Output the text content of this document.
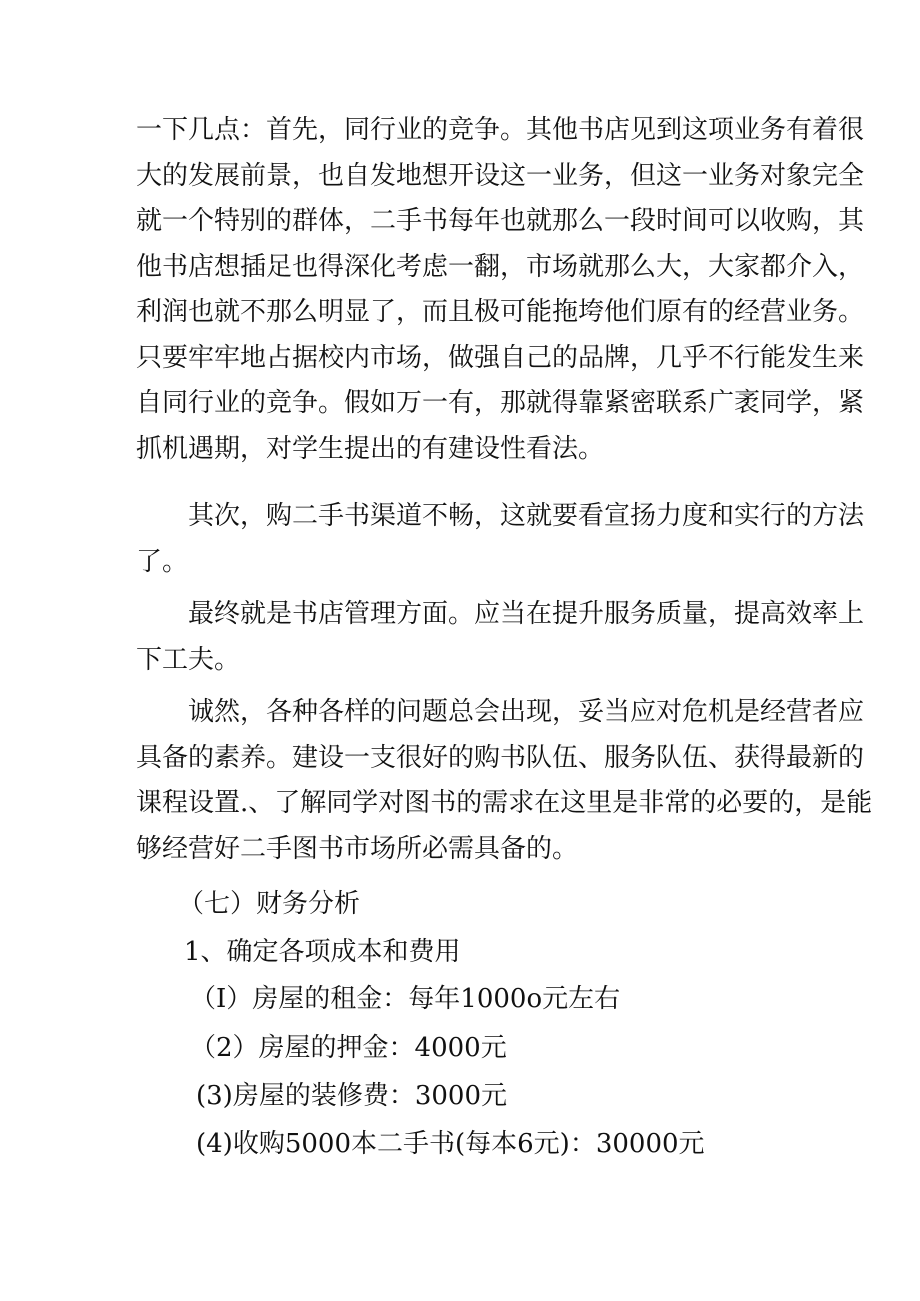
一下几点：首先，同行业的竞争。其他书店见到这项业务有着很
大的发展前景，也自发地想开设这一业务，但这一业务对象完全
就一个特别的群体，二手书每年也就那么一段时间可以收购，其
他书店想插足也得深化考虑一翻，市场就那么大，大家都介入，
利润也就不那么明显了，而且极可能拖垮他们原有的经营业务。
只要牢牢地占据校内市场，做强自己的品牌，几乎不行能发生来
自同行业的竞争。假如万一有，那就得靠紧密联系广袤同学，紧
抓机遇期，对学生提出的有建设性看法。
　　其次，购二手书渠道不畅，这就要看宣扬力度和实行的方法
了。
　　最终就是书店管理方面。应当在提升服务质量，提高效率上
下工夫。
　　诚然，各种各样的问题总会出现，妥当应对危机是经营者应
具备的素养。建设一支很好的购书队伍、服务队伍、获得最新的
课程设置.、了解同学对图书的需求在这里是非常的必要的，是能
够经营好二手图书市场所必需具备的。
（七）财务分析
1、确定各项成本和费用
（I）房屋的租金：每年1000o元左右
（2）房屋的押金：4000元
(3)房屋的装修费：3000元
(4)收购5000本二手书(每本6元)：30000元
